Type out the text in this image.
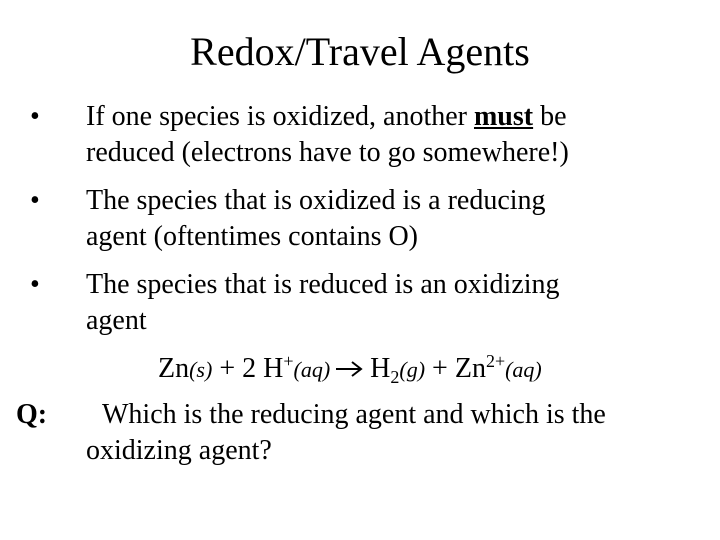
Redox/Travel Agents
• If one species is oxidized, another must be
reduced (electrons have to go somewhere!)
• The species that is oxidized is a reducing
agent (oftentimes contains O)
• The species that is reduced is an oxidizing
agent
Zn(s) + 2 H+(aq) $H_2(g) + Zn^{2+}(aq)$
Q: Which is the reducing agent and which is the
oxidizing agent?
